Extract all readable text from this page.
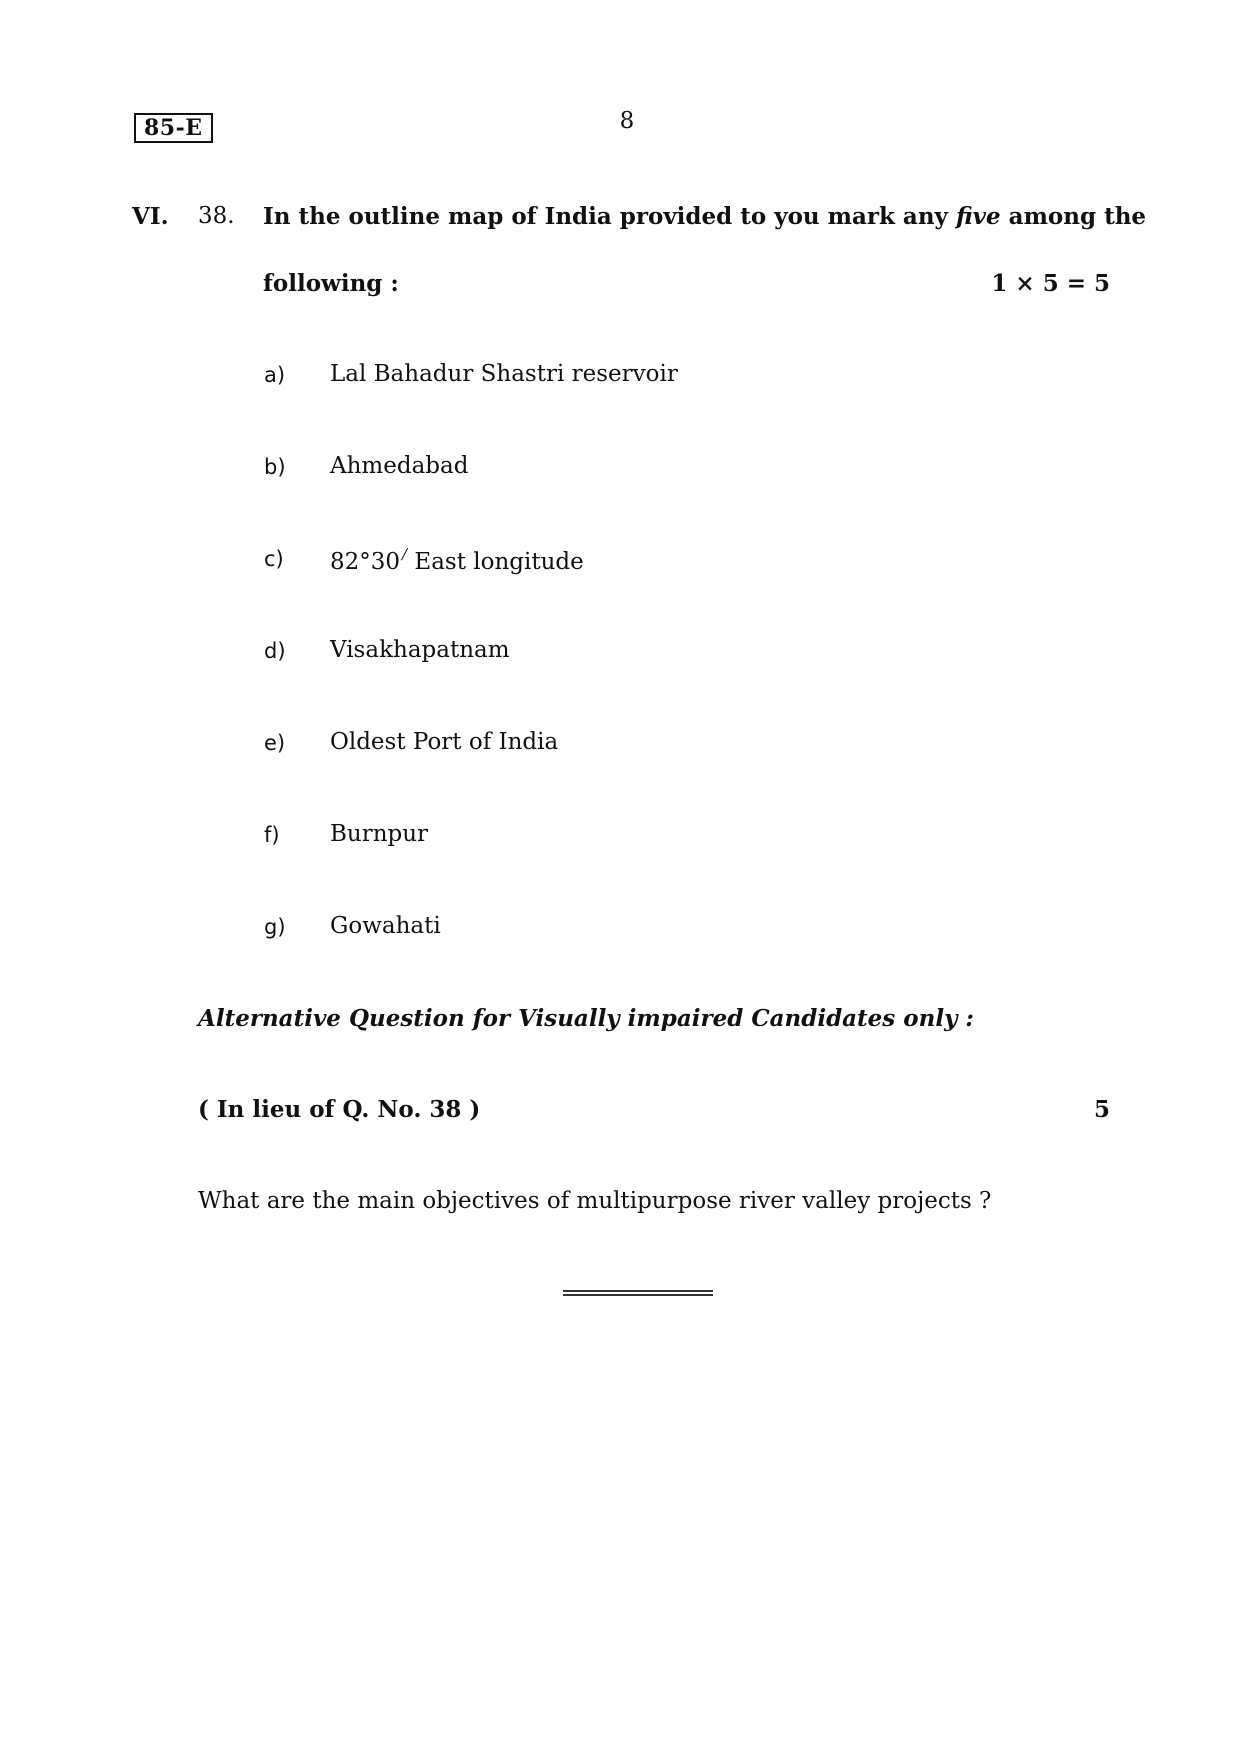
85-E	8
VI. 38. In the outline map of India provided to you mark any five among the
following :	1 × 5 = 5
a) Lal Bahadur Shastri reservoir
b) Ahmedabad
c) 82°30 / East longitude
d) Visakhapatnam
e) Oldest Port of India
f) Burnpur
g) Gowahati
Alternative Question for Visually impaired Candidates only :
( In lieu of Q. No. 38 )	5
What are the main objectives of multipurpose river valley projects ?
